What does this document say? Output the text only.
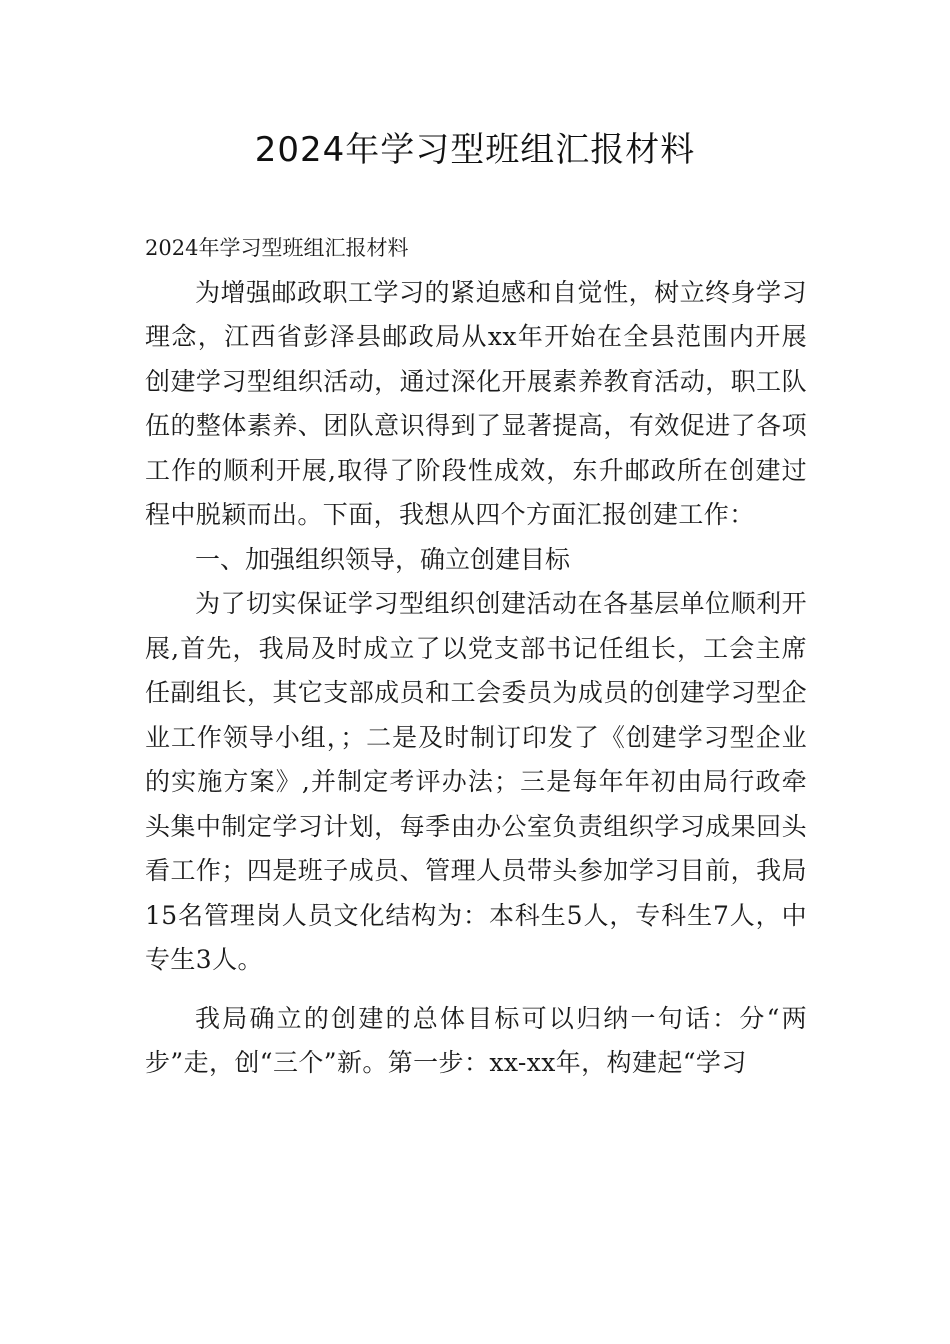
2024年学习型班组汇报材料

2024年学习型班组汇报材料

为增强邮政职工学习的紧迫感和自觉性，树立终身学习理念，江西省彭泽县邮政局从xx年开始在全县范围内开展创建学习型组织活动，通过深化开展素养教育活动，职工队伍的整体素养、团队意识得到了显著提高，有效促进了各项工作的顺利开展,取得了阶段性成效，东升邮政所在创建过程中脱颖而出。下面，我想从四个方面汇报创建工作：

一、加强组织领导，确立创建目标

为了切实保证学习型组织创建活动在各基层单位顺利开展,首先，我局及时成立了以党支部书记任组长，工会主席任副组长，其它支部成员和工会委员为成员的创建学习型企业工作领导小组，；二是及时制订印发了《创建学习型企业的实施方案》,并制定考评办法；三是每年年初由局行政牵头集中制定学习计划，每季由办公室负责组织学习成果回头看工作；四是班子成员、管理人员带头参加学习目前，我局15名管理岗人员文化结构为：本科生5人，专科生7人，中专生3人。

我局确立的创建的总体目标可以归纳一句话：分“两步”走，创“三个”新。第一步：xx-xx年，构建起“学习
